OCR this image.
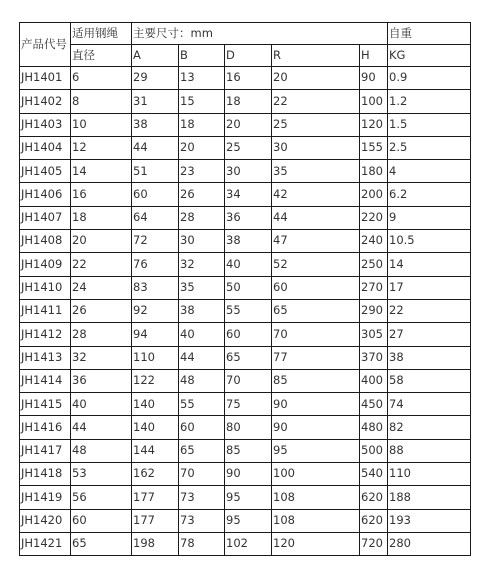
产品代号	适用钢绳	主要尺寸：mm					自重
	直径	A	B	D	R	H	KG
JH1401	6	29	13	16	20	90	0.9
JH1402	8	31	15	18	22	100	1.2
JH1403	10	38	18	20	25	120	1.5
JH1404	12	44	20	25	30	155	2.5
JH1405	14	51	23	30	35	180	4
JH1406	16	60	26	34	42	200	6.2
JH1407	18	64	28	36	44	220	9
JH1408	20	72	30	38	47	240	10.5
JH1409	22	76	32	40	52	250	14
JH1410	24	83	35	50	60	270	17
JH1411	26	92	38	55	65	290	22
JH1412	28	94	40	60	70	305	27
JH1413	32	110	44	65	77	370	38
JH1414	36	122	48	70	85	400	58
JH1415	40	140	55	75	90	450	74
JH1416	44	140	60	80	90	480	82
JH1417	48	144	65	85	95	500	88
JH1418	53	162	70	90	100	540	110
JH1419	56	177	73	95	108	620	188
JH1420	60	177	73	95	108	620	193
JH1421	65	198	78	102	120	720	280
